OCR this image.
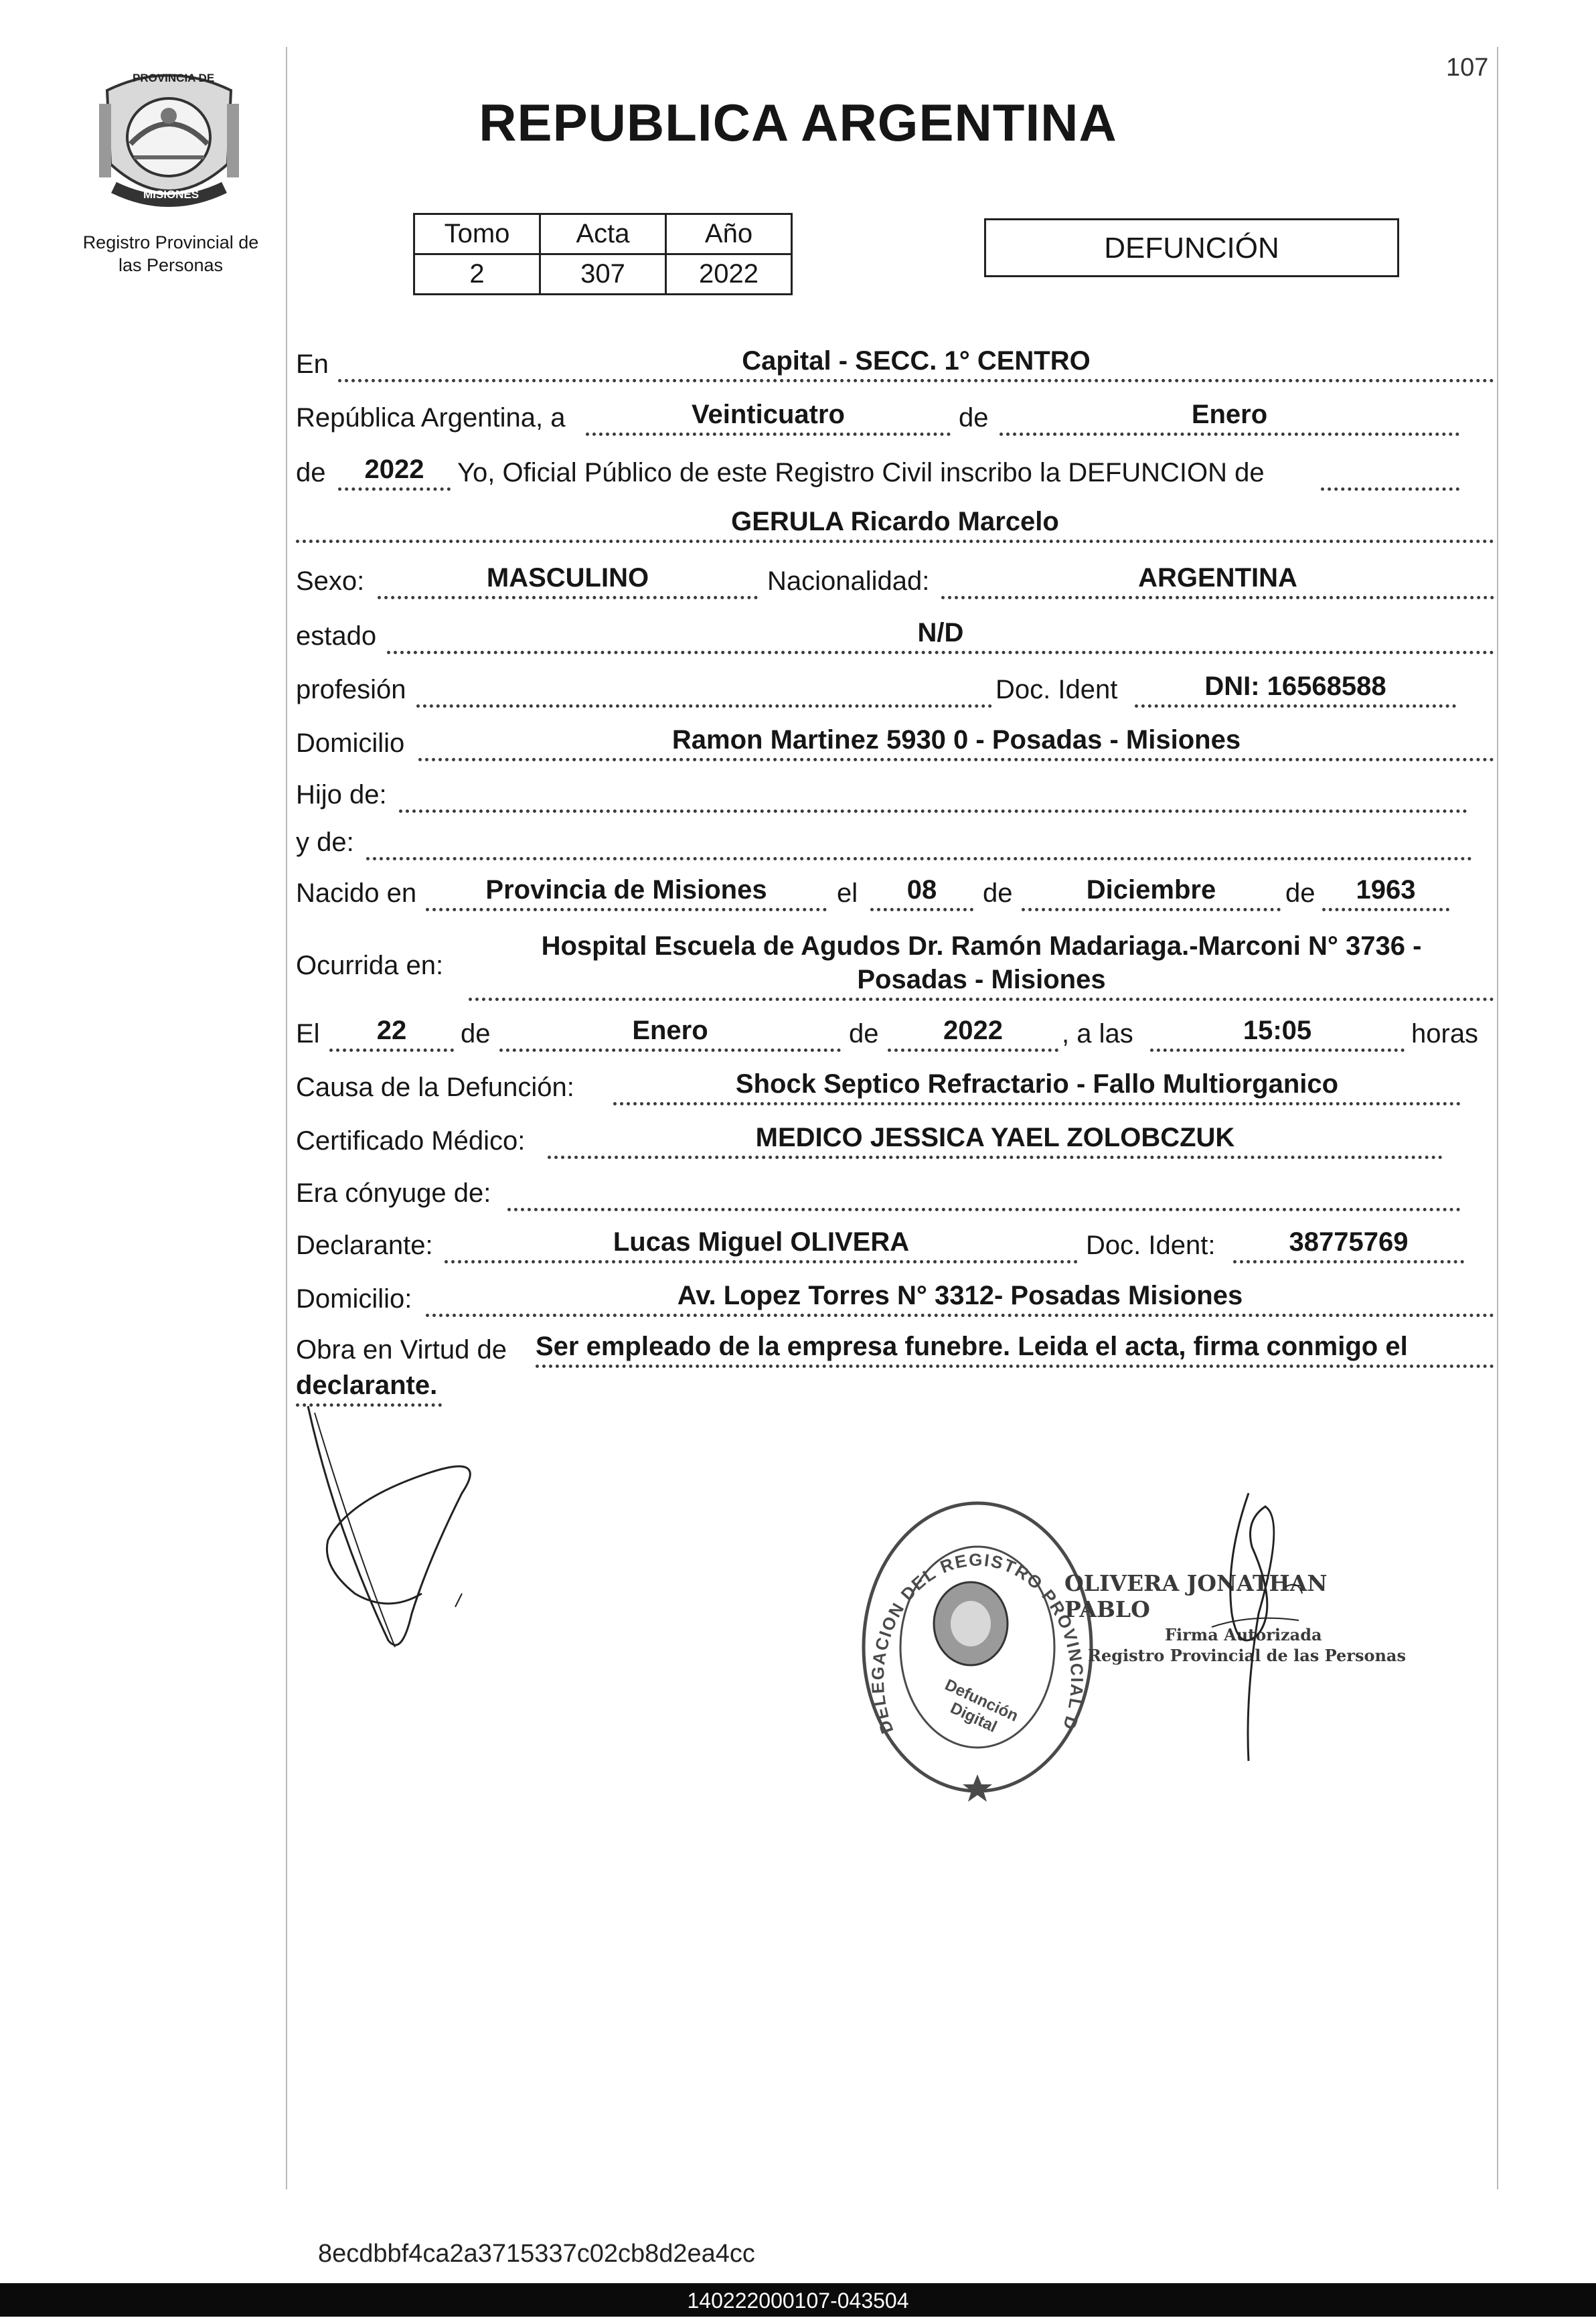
107
PROVINCIA DE
MISIONES
Registro Provincial de
las Personas
REPUBLICA ARGENTINA
Tomo	Acta	Año
2	307	2022
DEFUNCIÓN
En	Capital - SECC. 1° CENTRO
República Argentina, a	Veinticuatro	de	Enero
de	2022	Yo, Oficial Público de este Registro Civil inscribo la DEFUNCION de
GERULA Ricardo Marcelo
Sexo:	MASCULINO	Nacionalidad:	ARGENTINA
estado	N/D
profesión	Doc. Ident	DNI: 16568588
Domicilio	Ramon Martinez 5930 0 - Posadas - Misiones
Hijo de:
y de:
Nacido en	Provincia de Misiones	el	08	de	Diciembre	de	1963
Ocurrida en:
Hospital Escuela de Agudos Dr. Ramón Madariaga.-Marconi N° 3736 -
Posadas - Misiones
El	22	de	Enero	de	2022	, a las	15:05	horas
Causa de la Defunción:	Shock Septico Refractario - Fallo Multiorganico
Certificado Médico:	MEDICO JESSICA YAEL ZOLOBCZUK
Era cónyuge de:
Declarante:	Lucas Miguel OLIVERA	Doc. Ident:	38775769
Domicilio:	Av. Lopez Torres N° 3312- Posadas Misiones
Obra en Virtud de Ser empleado de la empresa funebre. Leida el acta, firma conmigo el
declarante.
DELEGACION DEL REGISTRO PROVINCIAL D
Defunción Digital
OLIVERA JONATHAN PABLO
Firma Autorizada
Registro Provincial de las Personas
8ecdbbf4ca2a3715337c02cb8d2ea4cc
140222000107-043504
